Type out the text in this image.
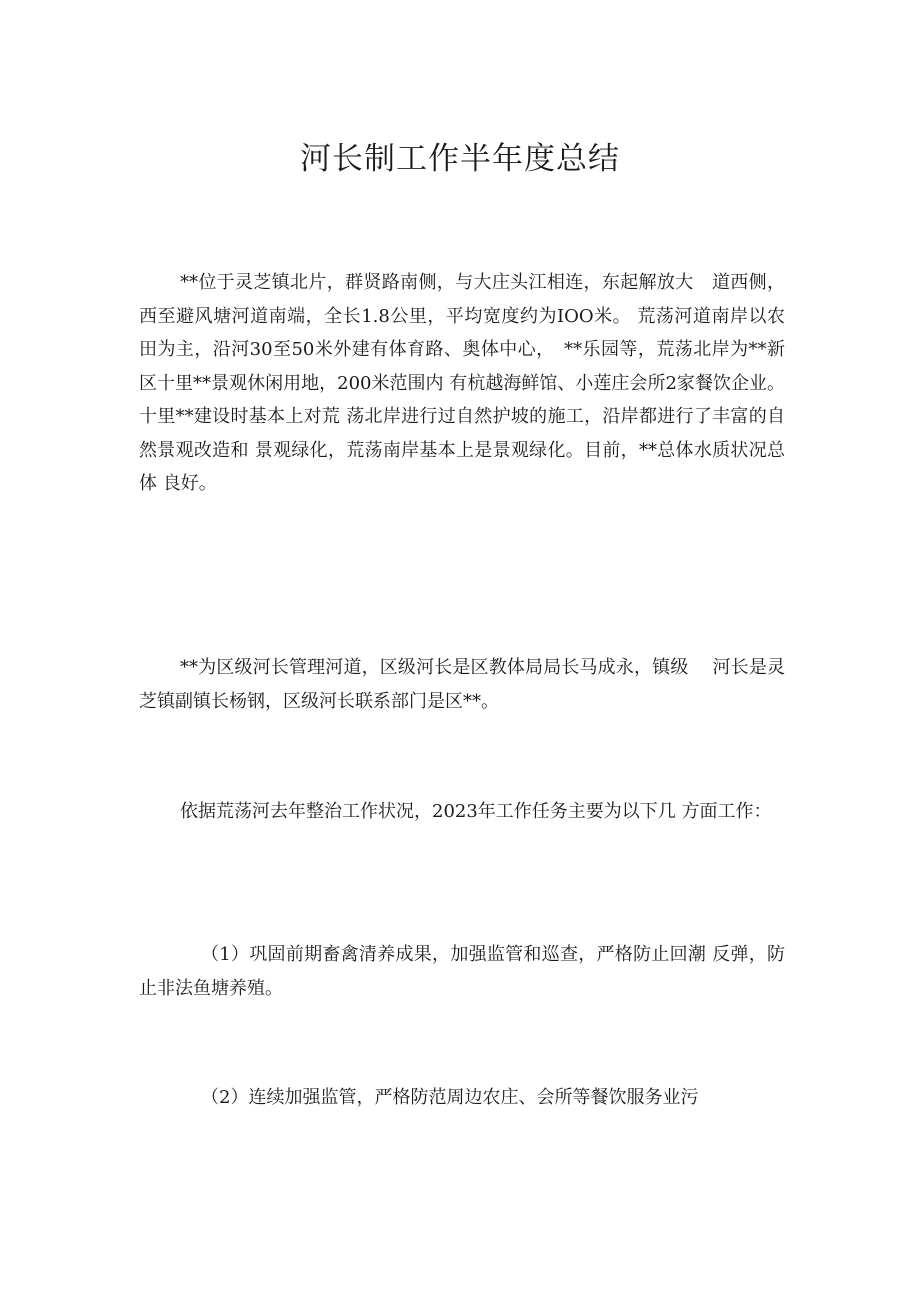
河长制工作半年度总结

**位于灵芝镇北片，群贤路南侧，与大庄头江相连，东起解放大　道西侧，西至避风塘河道南端，全长1.8公里，平均宽度约为IOO米。 荒荡河道南岸以农田为主，沿河30至50米外建有体育路、奥体中心，　**乐园等，荒荡北岸为**新区十里**景观休闲用地，200米范围内 有杭越海鲜馆、小莲庄会所2家餐饮企业。十里**建设时基本上对荒 荡北岸进行过自然护坡的施工，沿岸都进行了丰富的自然景观改造和 景观绿化，荒荡南岸基本上是景观绿化。目前，**总体水质状况总体 良好。

**为区级河长管理河道，区级河长是区教体局局长马成永，镇级　 河长是灵芝镇副镇长杨钢，区级河长联系部门是区**。

依据荒荡河去年整治工作状况，2023年工作任务主要为以下几 方面工作：

（1）巩固前期畜禽清养成果，加强监管和巡查，严格防止回潮 反弹，防止非法鱼塘养殖。

（2）连续加强监管，严格防范周边农庄、会所等餐饮服务业污
